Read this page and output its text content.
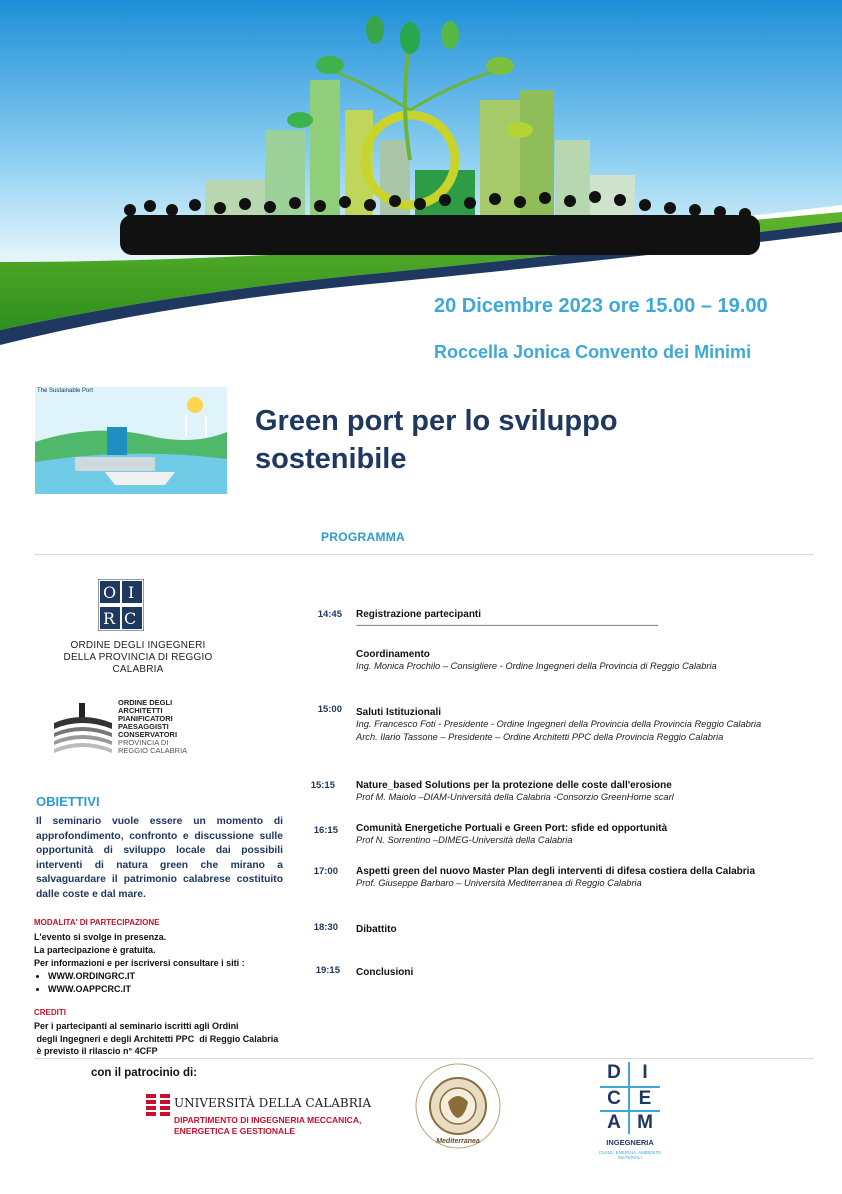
20 Dicembre 2023 ore 15.00 – 19.00
Roccella Jonica Convento dei Minimi
The Sustainable Port
Green port per lo sviluppo
sostenibile
PROGRAMMA
O I
R C
ORDINE DEGLI INGEGNERI
DELLA PROVINCIA DI REGGIO CALABRIA
ORDINE DEGLI
ARCHITETTI
PIANIFICATORI
PAESAGGISTI
CONSERVATORI
PROVINCIA DI
REGGIO CALABRIA
OBIETTIVI
Il seminario vuole essere un momento di approfondimento, confronto e discussione sulle opportunità di sviluppo locale dai possibili interventi di natura green che mirano a salvaguardare il patrimonio calabrese costituito dalle coste e dal mare.
MODALITA' DI PARTECIPAZIONE
L'evento si svolge in presenza.
La partecipazione è gratuita.
Per informazioni e per iscriversi consultare i siti :
• WWW.ORDINGRC.IT
• WWW.OAPPCRC.IT
CREDITI
Per i partecipanti al seminario iscritti agli Ordini
degli Ingegneri e degli Architetti PPC  di Reggio Calabria
è previsto il rilascio n° 4CFP
14:45 Registrazione partecipanti
-------------------------------------------------------------------------------------------------------------------------------------------------------
Coordinamento
Ing. Monica Prochilo – Consigliere - Ordine Ingegneri della Provincia di Reggio Calabria
15:00 Saluti Istituzionali
Ing. Francesco Foti - Presidente - Ordine Ingegneri della Provincia della Provincia Reggio Calabria
Arch. Ilario Tassone – Presidente – Ordine Architetti PPC della Provincia Reggio Calabria
15:15 Nature_based Solutions per la protezione delle coste dall'erosione
Prof M. Maiolo –DIAM-Università della Calabria -Consorzio GreenHome scarl
16:15 Comunità Energetiche Portuali e Green Port: sfide ed opportunità
Prof N. Sorrentino –DIMEG-Università della Calabria
17:00 Aspetti green del nuovo Master Plan degli interventi di difesa costiera della Calabria
Prof. Giuseppe Barbaro – Università Mediterranea di Reggio Calabria
18:30 Dibattito
19:15 Conclusioni
con il patrocinio di:
UNIVERSITÀ DELLA CALABRIA
DIPARTIMENTO DI INGEGNERIA MECCANICA,
ENERGETICA E GESTIONALE
Mediterranea
D	I
C E
A M
INGEGNERIA
CIVILE, ENERGIA, AMBIENTE MATERIALI
